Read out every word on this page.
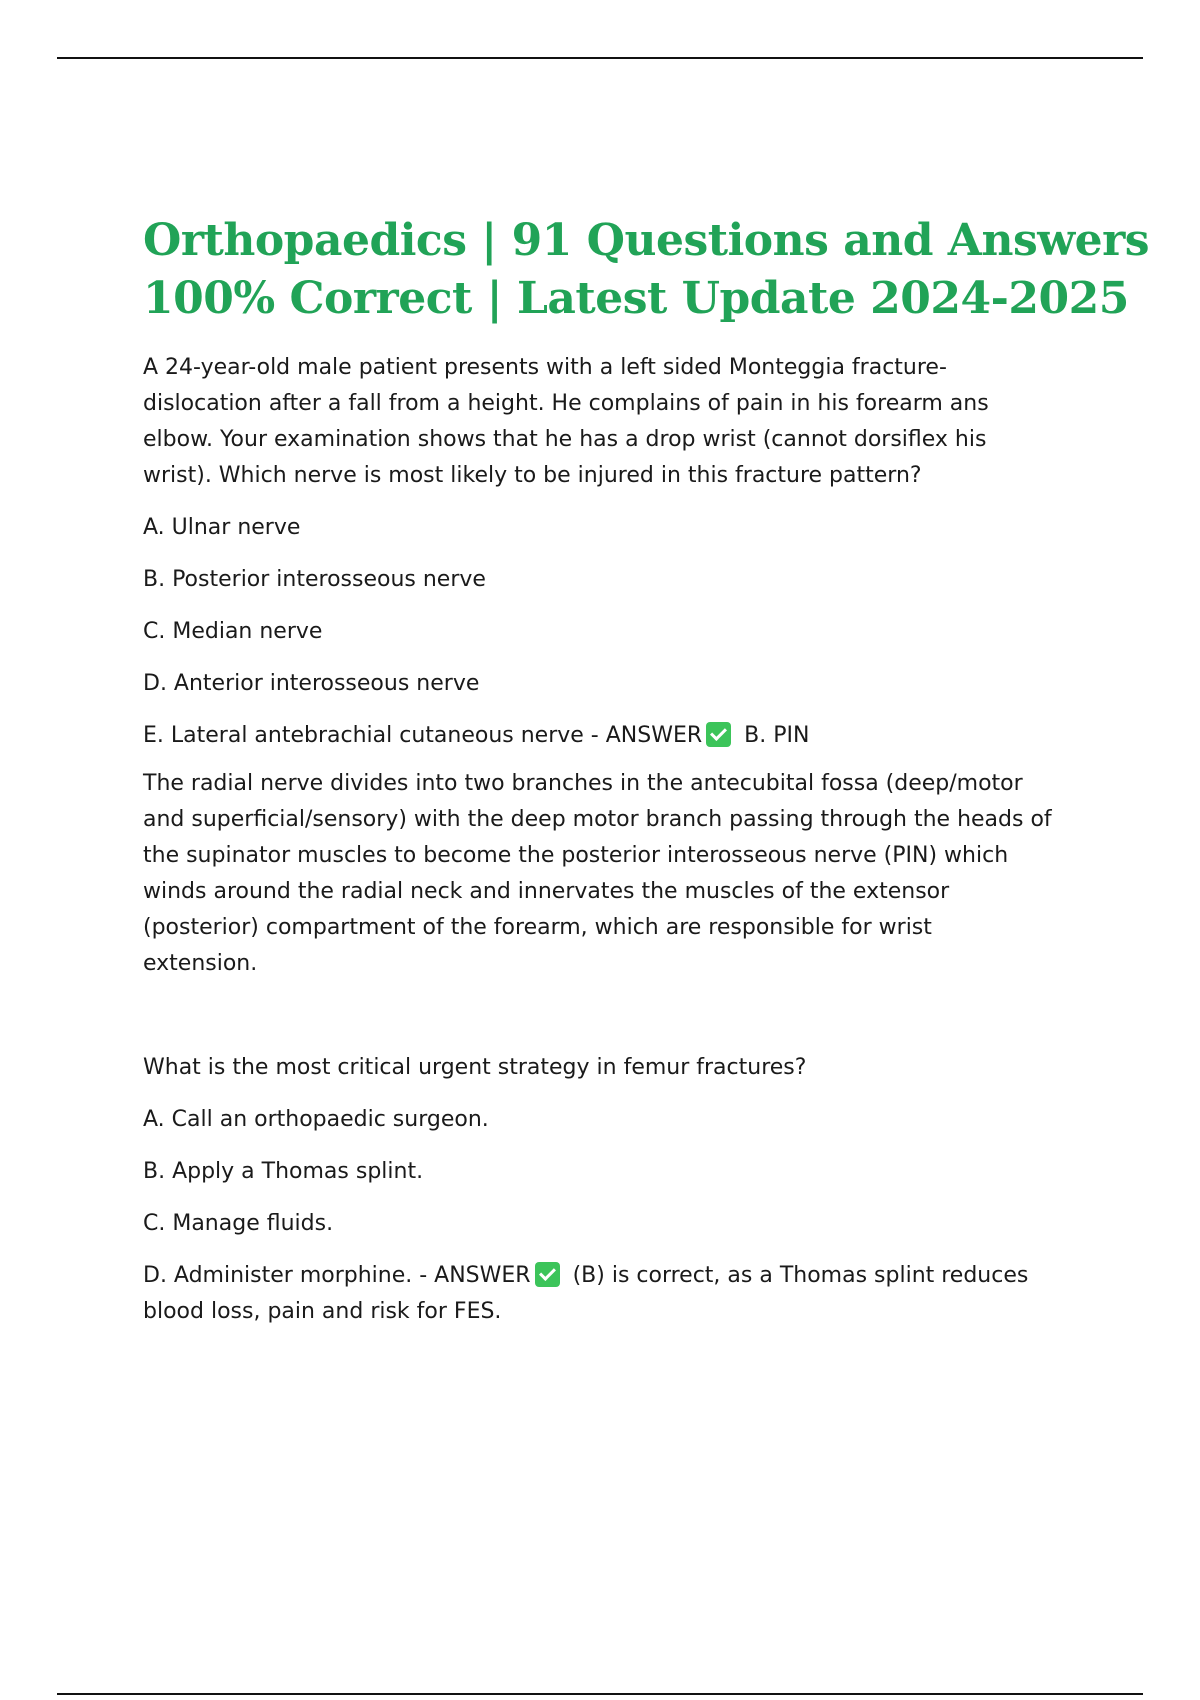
Orthopaedics | 91 Questions and Answers
100% Correct | Latest Update 2024-2025
A 24-year-old male patient presents with a left sided Monteggia fracture-
dislocation after a fall from a height. He complains of pain in his forearm ans
elbow. Your examination shows that he has a drop wrist (cannot dorsiflex his
wrist). Which nerve is most likely to be injured in this fracture pattern?
A. Ulnar nerve
B. Posterior interosseous nerve
C. Median nerve
D. Anterior interosseous nerve
E. Lateral antebrachial cutaneous nerve - ANSWER B. PIN
The radial nerve divides into two branches in the antecubital fossa (deep/motor
and superficial/sensory) with the deep motor branch passing through the heads of
the supinator muscles to become the posterior interosseous nerve (PIN) which
winds around the radial neck and innervates the muscles of the extensor
(posterior) compartment of the forearm, which are responsible for wrist
extension.
What is the most critical urgent strategy in femur fractures?
A. Call an orthopaedic surgeon.
B. Apply a Thomas splint.
C. Manage fluids.
D. Administer morphine. - ANSWER (B) is correct, as a Thomas splint reduces
blood loss, pain and risk for FES.
